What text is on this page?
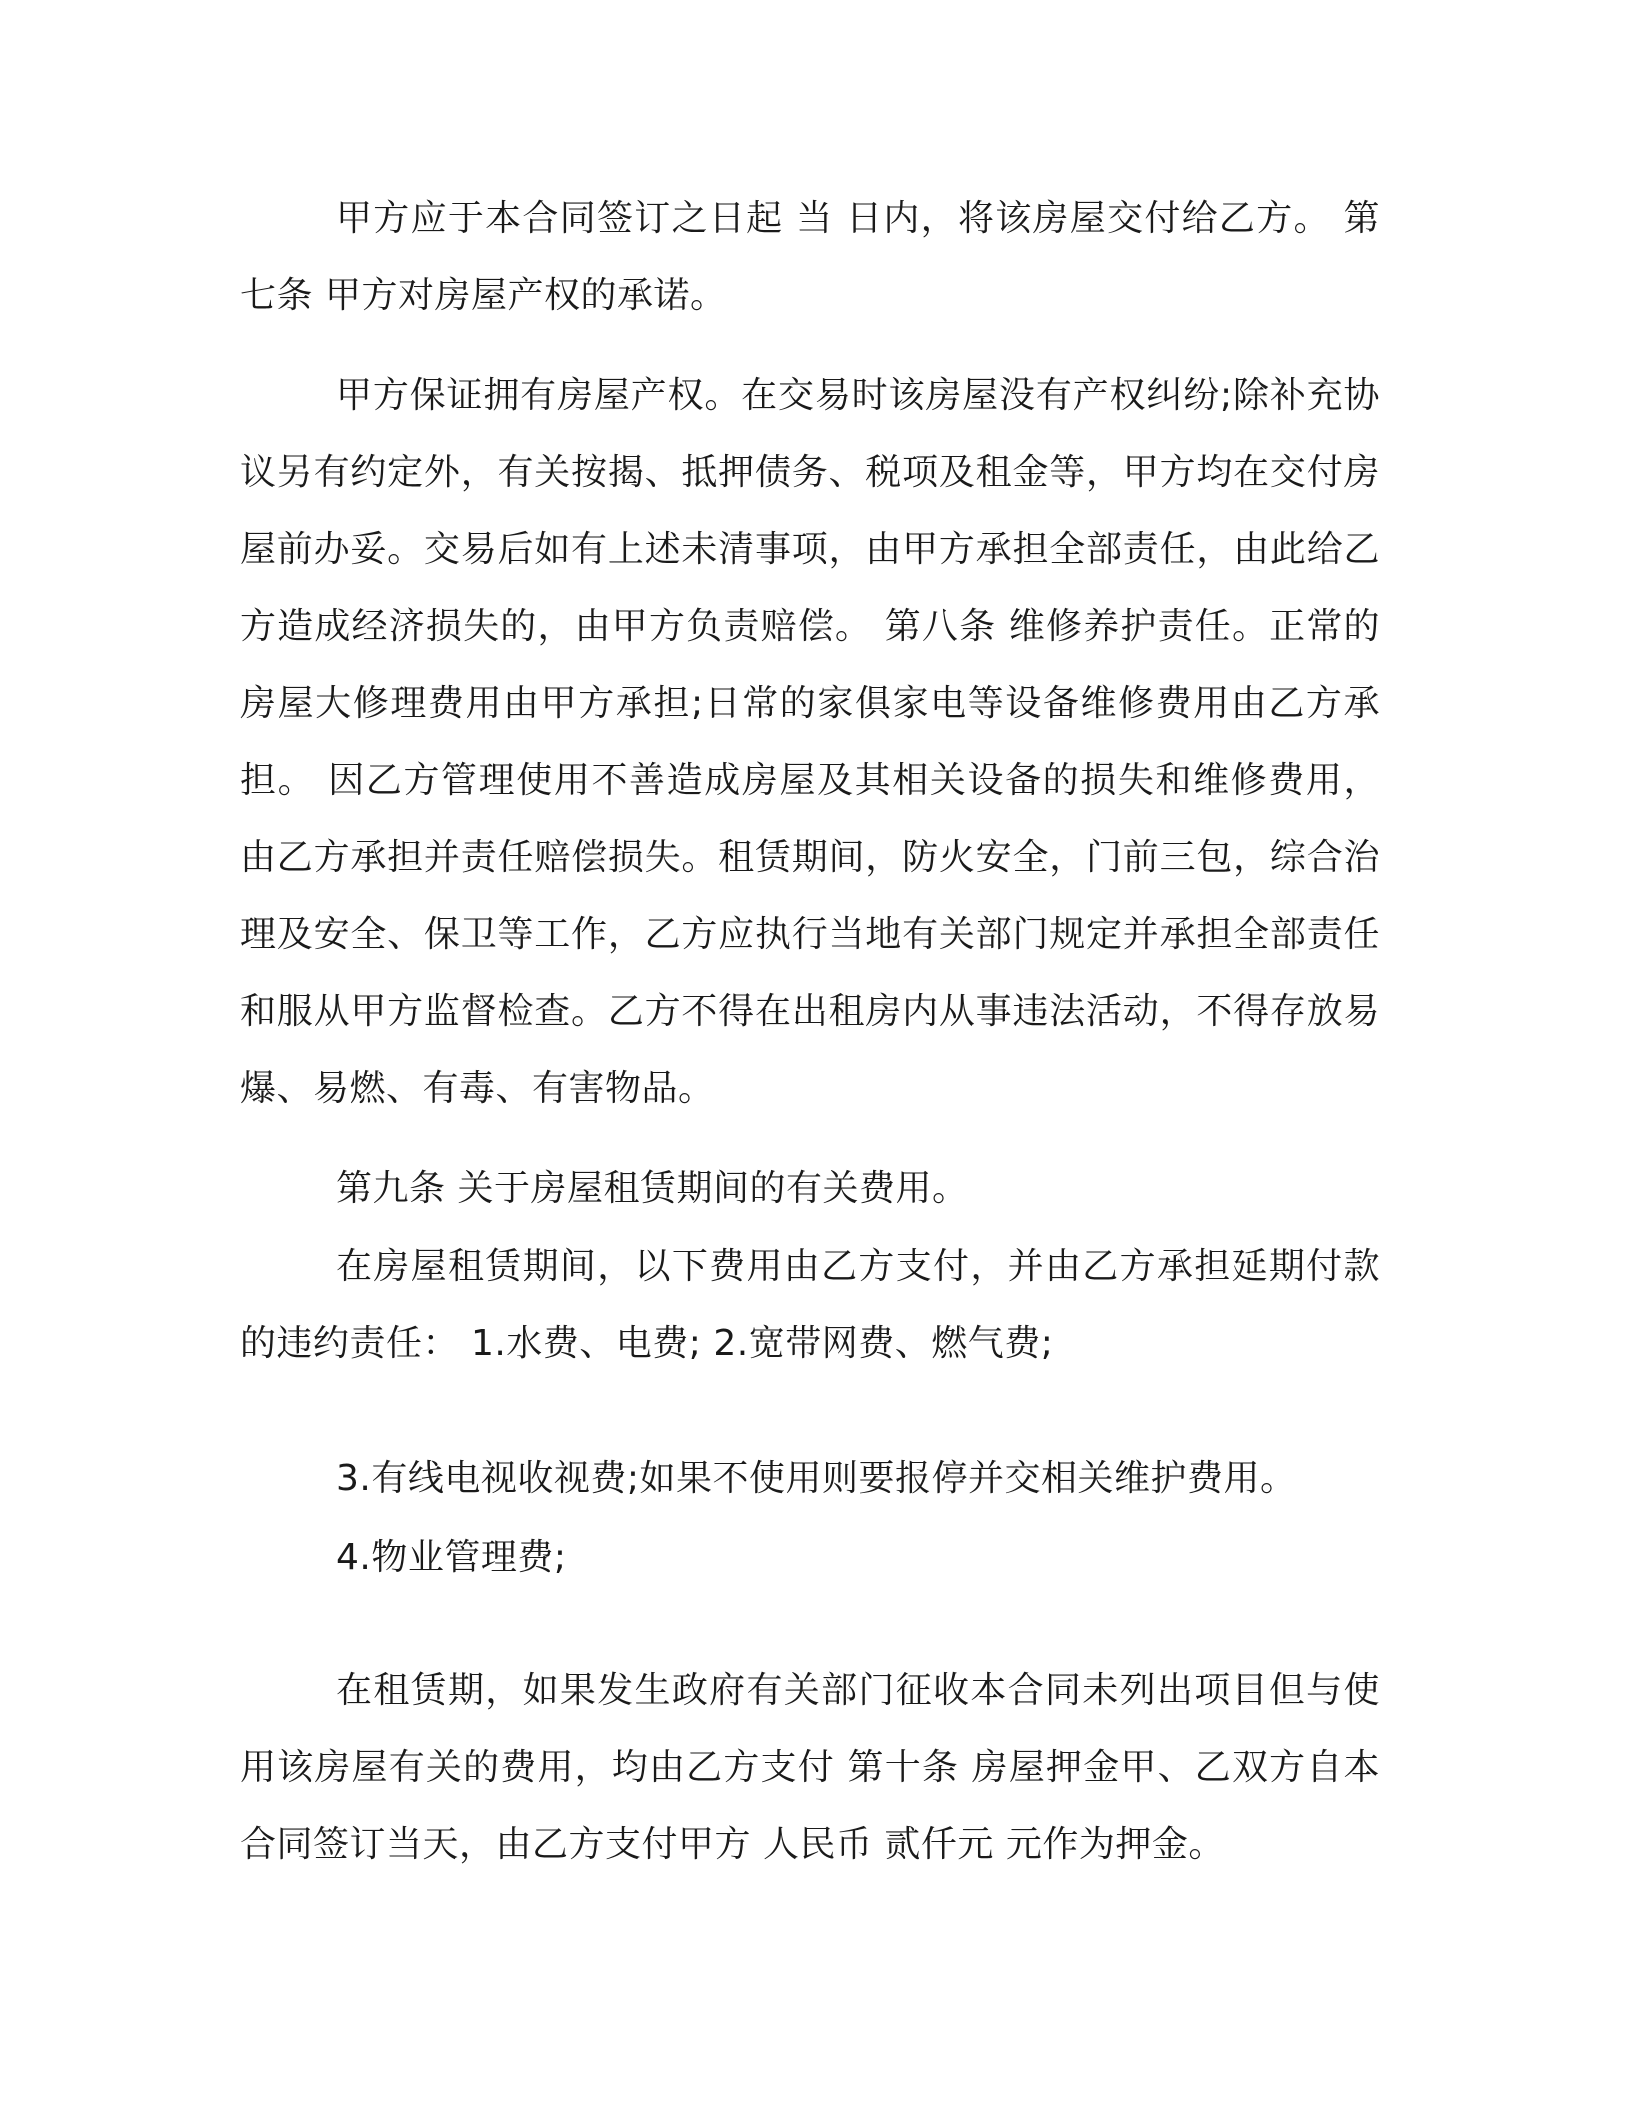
甲方应于本合同签订之日起 当 日内，将该房屋交付给乙方。 第七条 甲方对房屋产权的承诺。

甲方保证拥有房屋产权。在交易时该房屋没有产权纠纷;除补充协议另有约定外，有关按揭、抵押债务、税项及租金等，甲方均在交付房屋前办妥。交易后如有上述未清事项，由甲方承担全部责任，由此给乙方造成经济损失的，由甲方负责赔偿。 第八条 维修养护责任。正常的房屋大修理费用由甲方承担;日常的家俱家电等设备维修费用由乙方承担。 因乙方管理使用不善造成房屋及其相关设备的损失和维修费用，由乙方承担并责任赔偿损失。租赁期间，防火安全，门前三包，综合治理及安全、保卫等工作，乙方应执行当地有关部门规定并承担全部责任和服从甲方监督检查。乙方不得在出租房内从事违法活动，不得存放易爆、易燃、有毒、有害物品。

第九条 关于房屋租赁期间的有关费用。

在房屋租赁期间，以下费用由乙方支付，并由乙方承担延期付款的违约责任： 1.水费、电费; 2.宽带网费、燃气费;

3.有线电视收视费;如果不使用则要报停并交相关维护费用。

4.物业管理费;

在租赁期，如果发生政府有关部门征收本合同未列出项目但与使用该房屋有关的费用，均由乙方支付 第十条 房屋押金甲、乙双方自本合同签订当天，由乙方支付甲方 人民币 贰仟元 元作为押金。
